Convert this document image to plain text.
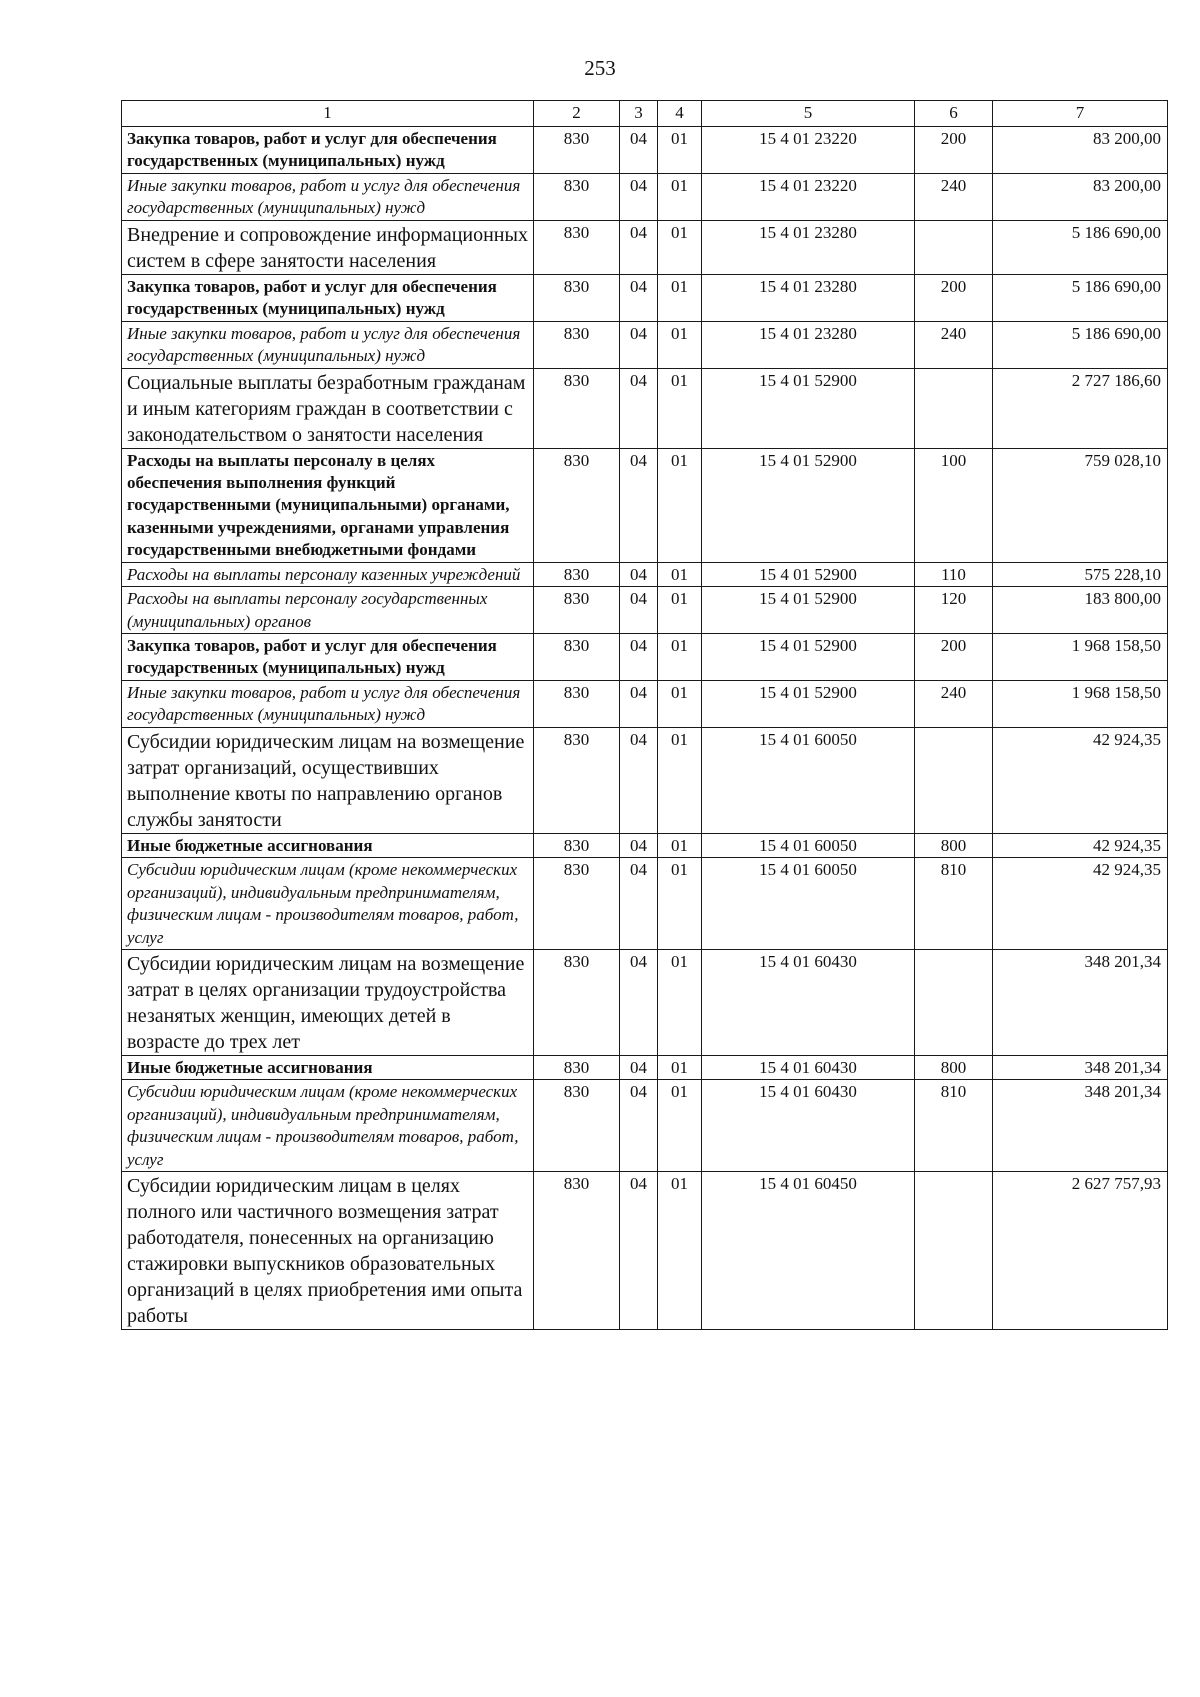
253
1	2	3	4	5	6	7
Закупка товаров, работ и услуг для обеспечения государственных (муниципальных) нужд	830	04	01	15 4 01 23220	200	83 200,00
Иные закупки товаров, работ и услуг для обеспечения государственных (муниципальных) нужд	830	04	01	15 4 01 23220	240	83 200,00
Внедрение и сопровождение информационных систем в сфере занятости населения	830	04	01	15 4 01 23280		5 186 690,00
Закупка товаров, работ и услуг для обеспечения государственных (муниципальных) нужд	830	04	01	15 4 01 23280	200	5 186 690,00
Иные закупки товаров, работ и услуг для обеспечения государственных (муниципальных) нужд	830	04	01	15 4 01 23280	240	5 186 690,00
Социальные выплаты безработным гражданам и иным категориям граждан в соответствии с законодательством о занятости населения	830	04	01	15 4 01 52900		2 727 186,60
Расходы на выплаты персоналу в целях обеспечения выполнения функций государственными (муниципальными) органами, казенными учреждениями, органами управления государственными внебюджетными фондами	830	04	01	15 4 01 52900	100	759 028,10
Расходы на выплаты персоналу казенных учреждений	830	04	01	15 4 01 52900	110	575 228,10
Расходы на выплаты персоналу государственных (муниципальных) органов	830	04	01	15 4 01 52900	120	183 800,00
Закупка товаров, работ и услуг для обеспечения государственных (муниципальных) нужд	830	04	01	15 4 01 52900	200	1 968 158,50
Иные закупки товаров, работ и услуг для обеспечения государственных (муниципальных) нужд	830	04	01	15 4 01 52900	240	1 968 158,50
Субсидии юридическим лицам на возмещение затрат организаций, осуществивших выполнение квоты по направлению органов службы занятости	830	04	01	15 4 01 60050		42 924,35
Иные бюджетные ассигнования	830	04	01	15 4 01 60050	800	42 924,35
Субсидии юридическим лицам (кроме некоммерческих организаций), индивидуальным предпринимателям, физическим лицам - производителям товаров, работ, услуг	830	04	01	15 4 01 60050	810	42 924,35
Субсидии юридическим лицам на возмещение затрат в целях организации трудоустройства незанятых женщин, имеющих детей в возрасте до трех лет	830	04	01	15 4 01 60430		348 201,34
Иные бюджетные ассигнования	830	04	01	15 4 01 60430	800	348 201,34
Субсидии юридическим лицам (кроме некоммерческих организаций), индивидуальным предпринимателям, физическим лицам - производителям товаров, работ, услуг	830	04	01	15 4 01 60430	810	348 201,34
Субсидии юридическим лицам в целях полного или частичного возмещения затрат работодателя, понесенных на организацию стажировки выпускников образовательных организаций в целях приобретения ими опыта работы	830	04	01	15 4 01 60450		2 627 757,93
